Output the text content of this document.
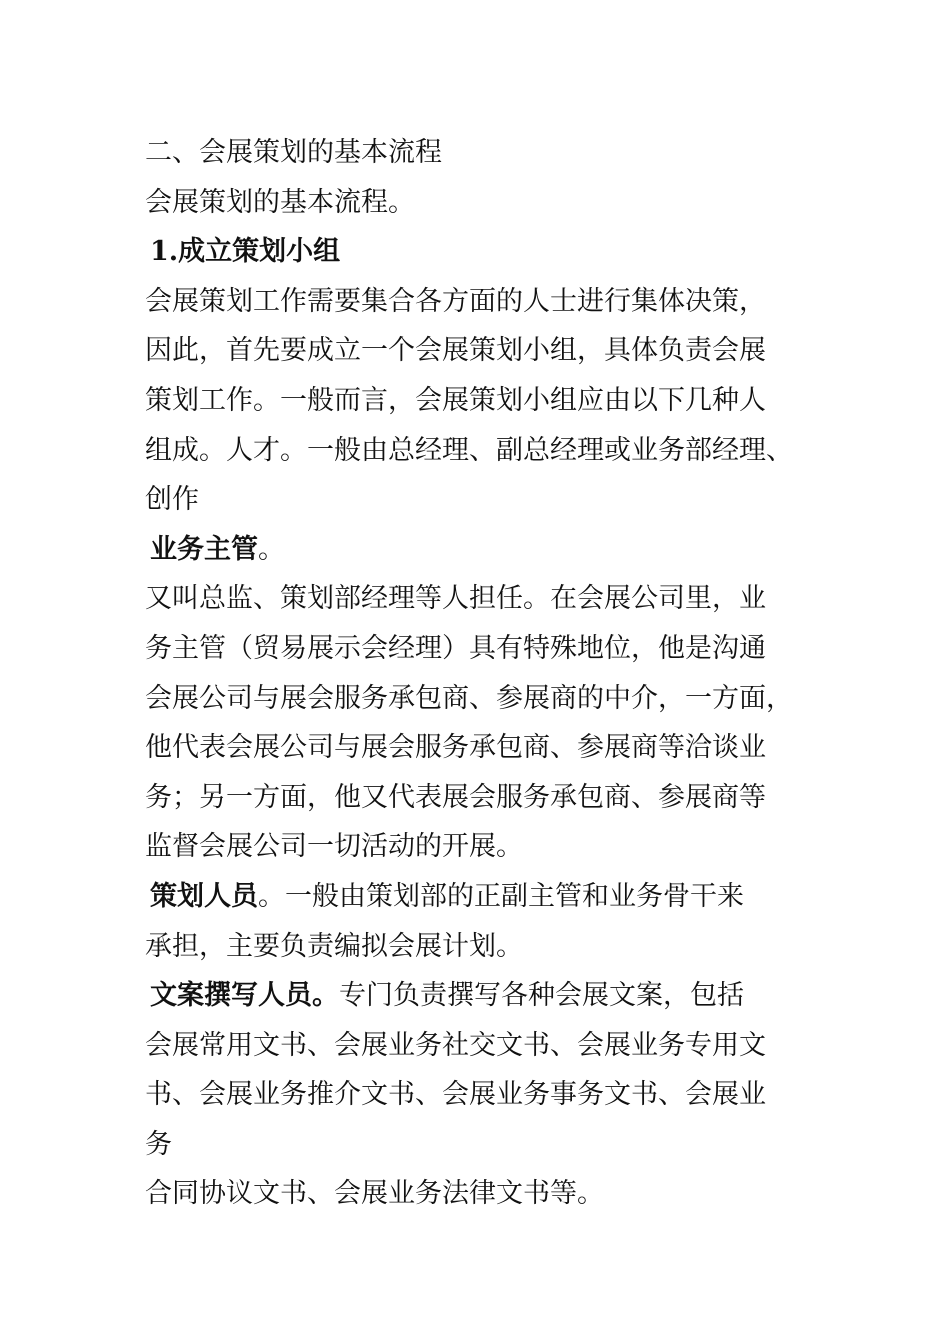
二、会展策划的基本流程
会展策划的基本流程。
1.成立策划小组
会展策划工作需要集合各方面的人士进行集体决策，
因此，首先要成立一个会展策划小组，具体负责会展
策划工作。一般而言，会展策划小组应由以下几种人
组成。人才。一般由总经理、副总经理或业务部经理、
创作
业务主管。
又叫总监、策划部经理等人担任。在会展公司里，业
务主管（贸易展示会经理）具有特殊地位，他是沟通
会展公司与展会服务承包商、参展商的中介，一方面，
他代表会展公司与展会服务承包商、参展商等洽谈业
务；另一方面，他又代表展会服务承包商、参展商等
监督会展公司一切活动的开展。
策划人员。一般由策划部的正副主管和业务骨干来
承担，主要负责编拟会展计划。
文案撰写人员。专门负责撰写各种会展文案，包括
会展常用文书、会展业务社交文书、会展业务专用文
书、会展业务推介文书、会展业务事务文书、会展业
务
合同协议文书、会展业务法律文书等。
